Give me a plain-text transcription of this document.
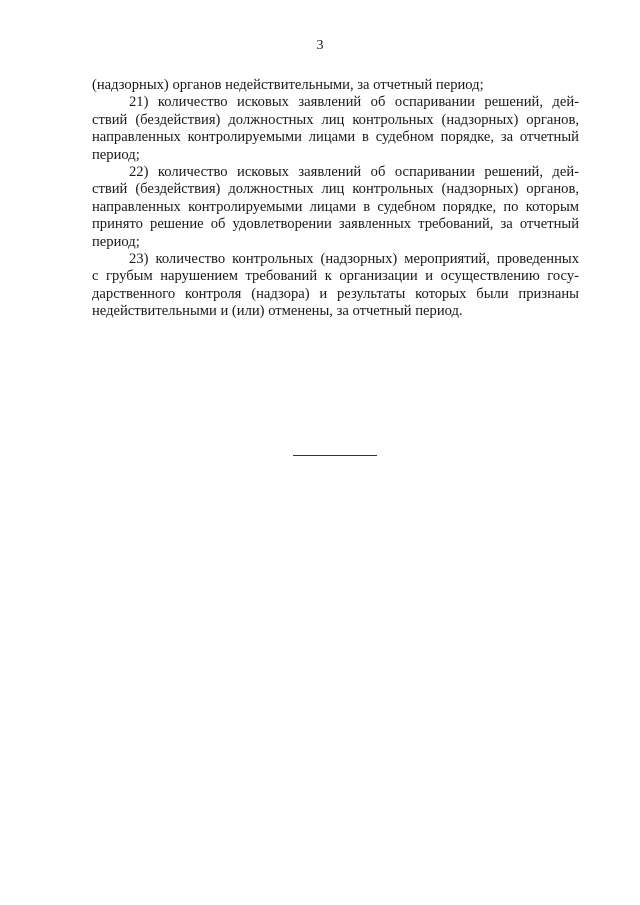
3
(надзорных) органов недействительными, за отчетный период;
21) количество исковых заявлений об оспаривании решений, дей-
ствий (бездействия) должностных лиц контрольных (надзорных) органов,
направленных контролируемыми лицами в судебном порядке, за отчетный
период;
22) количество исковых заявлений об оспаривании решений, дей-
ствий (бездействия) должностных лиц контрольных (надзорных) органов,
направленных контролируемыми лицами в судебном порядке, по которым
принято решение об удовлетворении заявленных требований, за отчетный
период;
23) количество контрольных (надзорных) мероприятий, проведенных
с грубым нарушением требований к организации и осуществлению госу-
дарственного контроля (надзора) и результаты которых были признаны
недействительными и (или) отменены, за отчетный период.
